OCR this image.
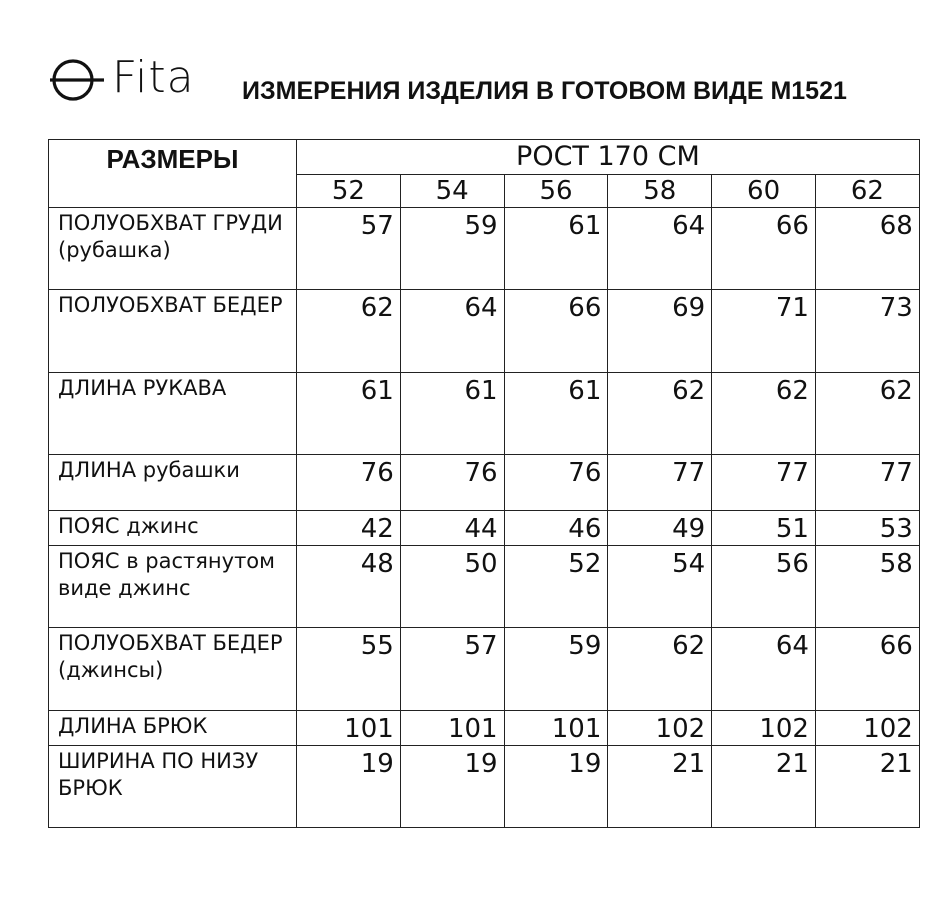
Fita ИЗМЕРЕНИЯ ИЗДЕЛИЯ В ГОТОВОМ ВИДЕ М1521
РАЗМЕРЫ	РОСТ 170 СМ					
	52	54	56	58	60	62
ПОЛУОБХВАТ ГРУДИ (рубашка)	57	59	61	64	66	68
ПОЛУОБХВАТ БЕДЕР	62	64	66	69	71	73
ДЛИНА РУКАВА	61	61	61	62	62	62
ДЛИНА рубашки	76	76	76	77	77	77
ПОЯС джинс	42	44	46	49	51	53
ПОЯС в растянутом виде джинс	48	50	52	54	56	58
ПОЛУОБХВАТ БЕДЕР (джинсы)	55	57	59	62	64	66
ДЛИНА БРЮК	101	101	101	102	102	102
ШИРИНА ПО НИЗУ БРЮК	19	19	19	21	21	21
